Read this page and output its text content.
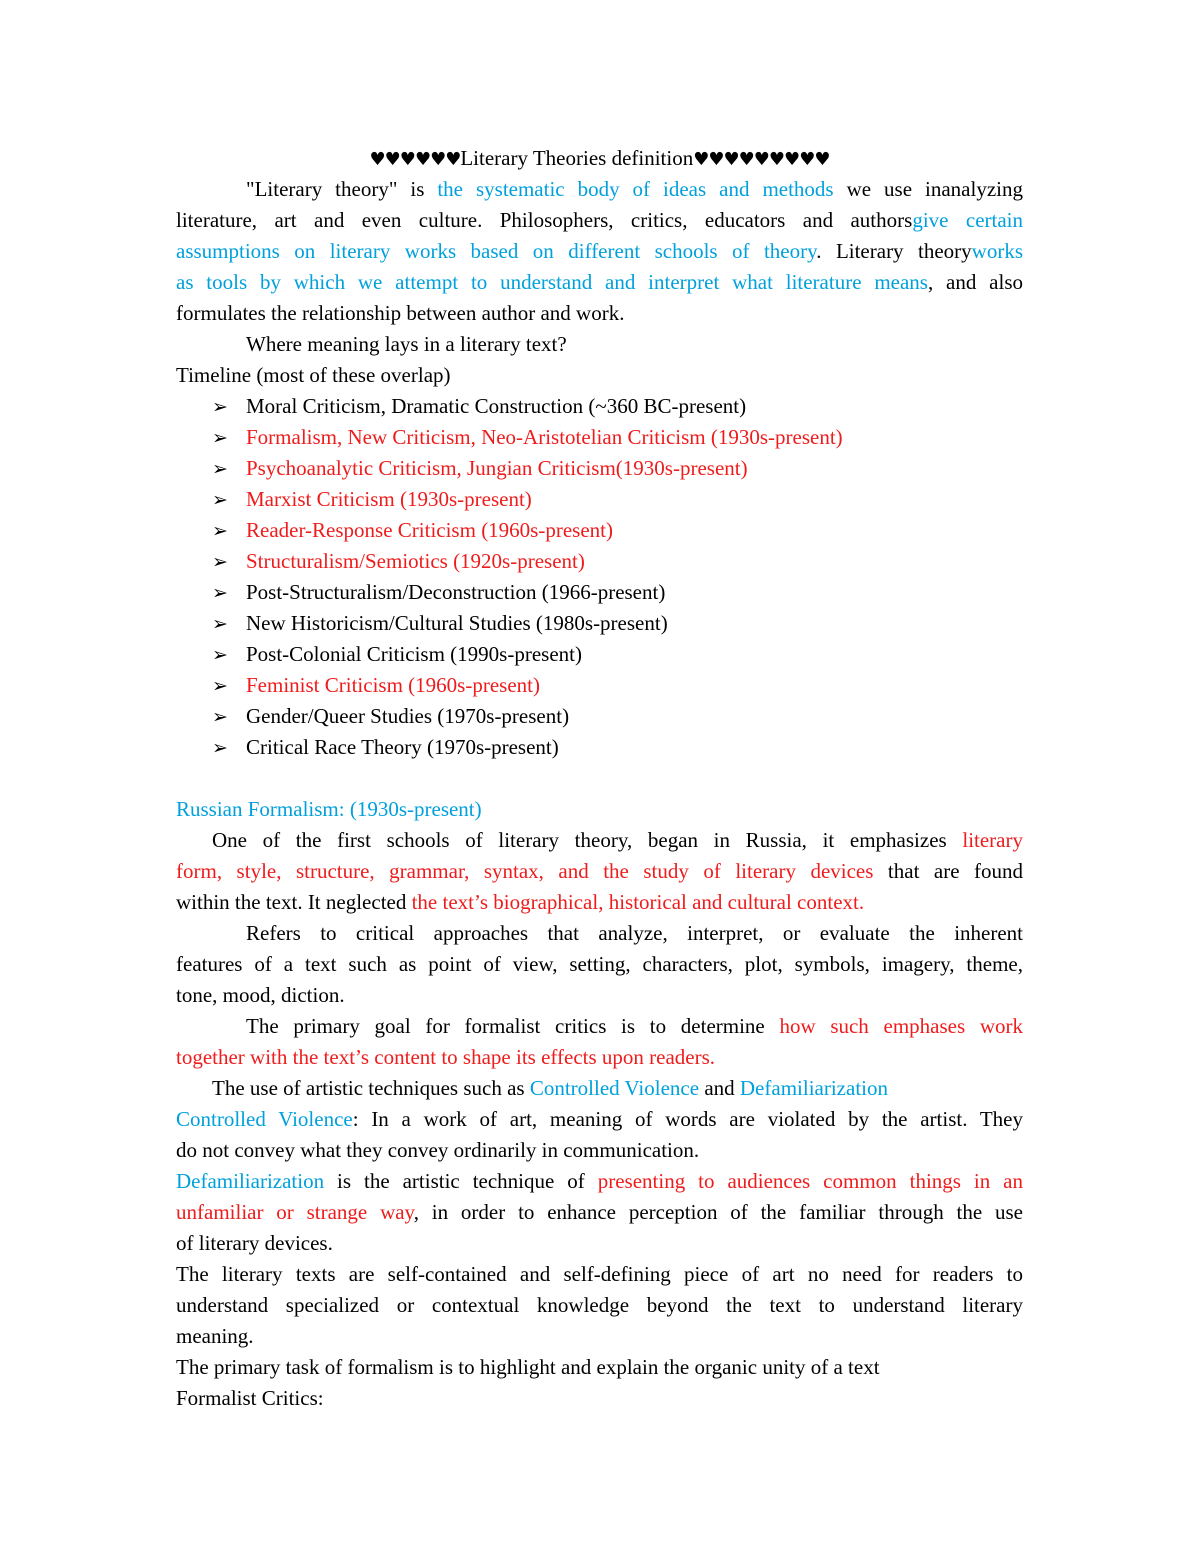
♥♥♥♥♥♥Literary Theories definition♥♥♥♥♥♥♥♥♥
"Literary theory" is the systematic body of ideas and methods we use inanalyzing
literature, art and even culture. Philosophers, critics, educators and authorsgive certain
assumptions on literary works based on different schools of theory. Literary theoryworks
as tools by which we attempt to understand and interpret what literature means, and also
formulates the relationship between author and work.
Where meaning lays in a literary text?
Timeline (most of these overlap)
➢ Moral Criticism, Dramatic Construction (~360 BC-present)
➢ Formalism, New Criticism, Neo-Aristotelian Criticism (1930s-present)
➢ Psychoanalytic Criticism, Jungian Criticism(1930s-present)
➢ Marxist Criticism (1930s-present)
➢ Reader-Response Criticism (1960s-present)
➢ Structuralism/Semiotics (1920s-present)
➢ Post-Structuralism/Deconstruction (1966-present)
➢ New Historicism/Cultural Studies (1980s-present)
➢ Post-Colonial Criticism (1990s-present)
➢ Feminist Criticism (1960s-present)
➢ Gender/Queer Studies (1970s-present)
➢ Critical Race Theory (1970s-present)
Russian Formalism: (1930s-present)
One of the first schools of literary theory, began in Russia, it emphasizes literary
form, style, structure, grammar, syntax, and the study of literary devices that are found
within the text. It neglected the text’s biographical, historical and cultural context.
Refers to critical approaches that analyze, interpret, or evaluate the inherent
features of a text such as point of view, setting, characters, plot, symbols, imagery, theme,
tone, mood, diction.
The primary goal for formalist critics is to determine how such emphases work
together with the text’s content to shape its effects upon readers.
The use of artistic techniques such as Controlled Violence and Defamiliarization
Controlled Violence: In a work of art, meaning of words are violated by the artist. They
do not convey what they convey ordinarily in communication.
Defamiliarization is the artistic technique of presenting to audiences common things in an
unfamiliar or strange way, in order to enhance perception of the familiar through the use
of literary devices.
The literary texts are self-contained and self-defining piece of art no need for readers to
understand specialized or contextual knowledge beyond the text to understand literary
meaning.
The primary task of formalism is to highlight and explain the organic unity of a text
Formalist Critics:
